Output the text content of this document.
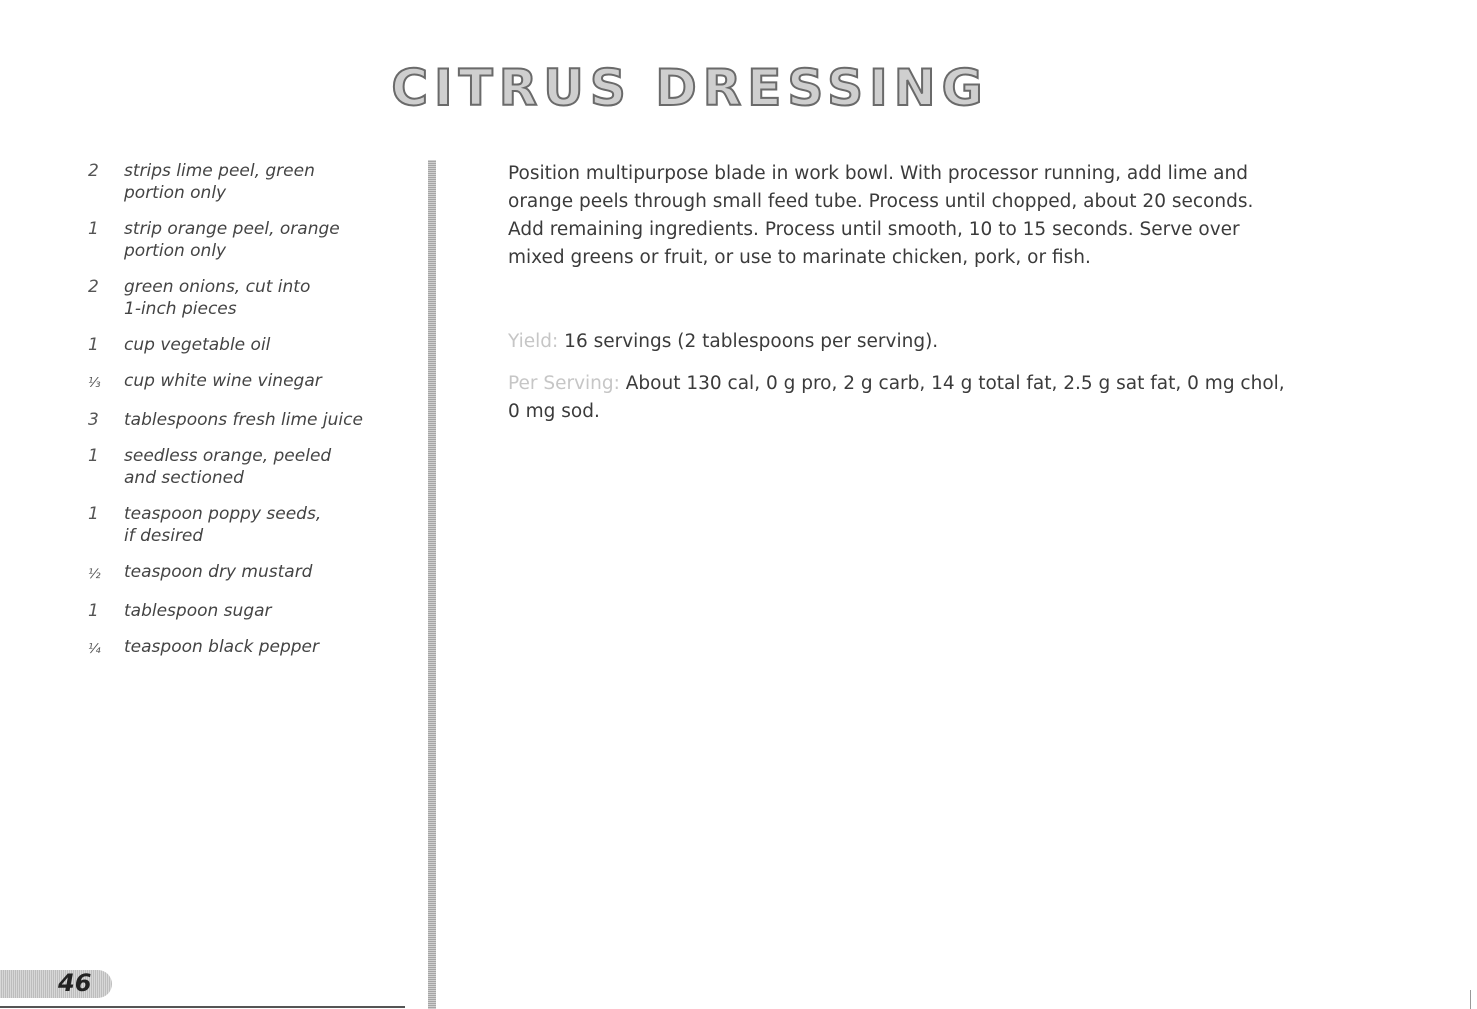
CITRUS DRESSING
2	strips lime peel, green
portion only
1	strip orange peel, orange
portion only
2	green onions, cut into
1-inch pieces
1	cup vegetable oil
⅓	cup white wine vinegar
3	tablespoons fresh lime juice
1	seedless orange, peeled
and sectioned
1	teaspoon poppy seeds,
if desired
½	teaspoon dry mustard
1	tablespoon sugar
¼	teaspoon black pepper

Position multipurpose blade in work bowl. With processor running, add lime and orange peels through small feed tube. Process until chopped, about 20 seconds. Add remaining ingredients. Process until smooth, 10 to 15 seconds. Serve over mixed greens or fruit, or use to marinate chicken, pork, or fish.

Yield: 16 servings (2 tablespoons per serving).

Per Serving: About 130 cal, 0 g pro, 2 g carb, 14 g total fat, 2.5 g sat fat, 0 mg chol, 0 mg sod.

46
